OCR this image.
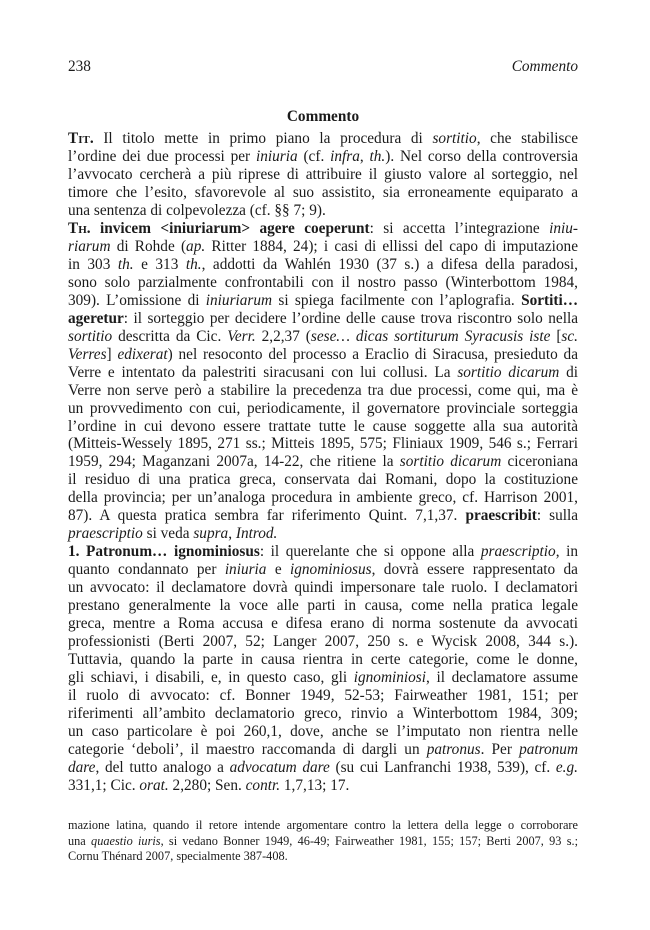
238	Commento
Commento
Tit. Il titolo mette in primo piano la procedura di sortitio, che stabilisce
l’ordine dei due processi per iniuria (cf. infra, th.). Nel corso della controversia
l’avvocato cercherà a più riprese di attribuire il giusto valore al sorteggio, nel
timore che l’esito, sfavorevole al suo assistito, sia erroneamente equiparato a
una sentenza di colpevolezza (cf. §§ 7; 9).
Th. invicem <iniuriarum> agere coeperunt: si accetta l’integrazione iniu-
riarum di Rohde (ap. Ritter 1884, 24); i casi di ellissi del capo di imputazione
in 303 th. e 313 th., addotti da Wahlén 1930 (37 s.) a difesa della paradosi,
sono solo parzialmente confrontabili con il nostro passo (Winterbottom 1984,
309). L’omissione di iniuriarum si spiega facilmente con l’aplografia. Sortiti…
ageretur: il sorteggio per decidere l’ordine delle cause trova riscontro solo nella
sortitio descritta da Cic. Verr. 2,2,37 (sese… dicas sortiturum Syracusis iste [sc.
Verres] edixerat) nel resoconto del processo a Eraclio di Siracusa, presieduto da
Verre e intentato da palestriti siracusani con lui collusi. La sortitio dicarum di
Verre non serve però a stabilire la precedenza tra due processi, come qui, ma è
un provvedimento con cui, periodicamente, il governatore provinciale sorteggia
l’ordine in cui devono essere trattate tutte le cause soggette alla sua autorità
(Mitteis-Wessely 1895, 271 ss.; Mitteis 1895, 575; Fliniaux 1909, 546 s.; Ferrari
1959, 294; Maganzani 2007a, 14-22, che ritiene la sortitio dicarum ciceroniana
il residuo di una pratica greca, conservata dai Romani, dopo la costituzione
della provincia; per un’analoga procedura in ambiente greco, cf. Harrison 2001,
87). A questa pratica sembra far riferimento Quint. 7,1,37. praescribit: sulla
praescriptio si veda supra, Introd.
1. Patronum… ignominiosus: il querelante che si oppone alla praescriptio, in
quanto condannato per iniuria e ignominiosus, dovrà essere rappresentato da
un avvocato: il declamatore dovrà quindi impersonare tale ruolo. I declamatori
prestano generalmente la voce alle parti in causa, come nella pratica legale
greca, mentre a Roma accusa e difesa erano di norma sostenute da avvocati
professionisti (Berti 2007, 52; Langer 2007, 250 s. e Wycisk 2008, 344 s.).
Tuttavia, quando la parte in causa rientra in certe categorie, come le donne,
gli schiavi, i disabili, e, in questo caso, gli ignominiosi, il declamatore assume
il ruolo di avvocato: cf. Bonner 1949, 52-53; Fairweather 1981, 151; per
riferimenti all’ambito declamatorio greco, rinvio a Winterbottom 1984, 309;
un caso particolare è poi 260,1, dove, anche se l’imputato non rientra nelle
categorie ‘deboli’, il maestro raccomanda di dargli un patronus. Per patronum
dare, del tutto analogo a advocatum dare (su cui Lanfranchi 1938, 539), cf. e.g.
331,1; Cic. orat. 2,280; Sen. contr. 1,7,13; 17.
mazione latina, quando il retore intende argomentare contro la lettera della legge o corroborare
una quaestio iuris, si vedano Bonner 1949, 46-49; Fairweather 1981, 155; 157; Berti 2007, 93 s.;
Cornu Thénard 2007, specialmente 387-408.
